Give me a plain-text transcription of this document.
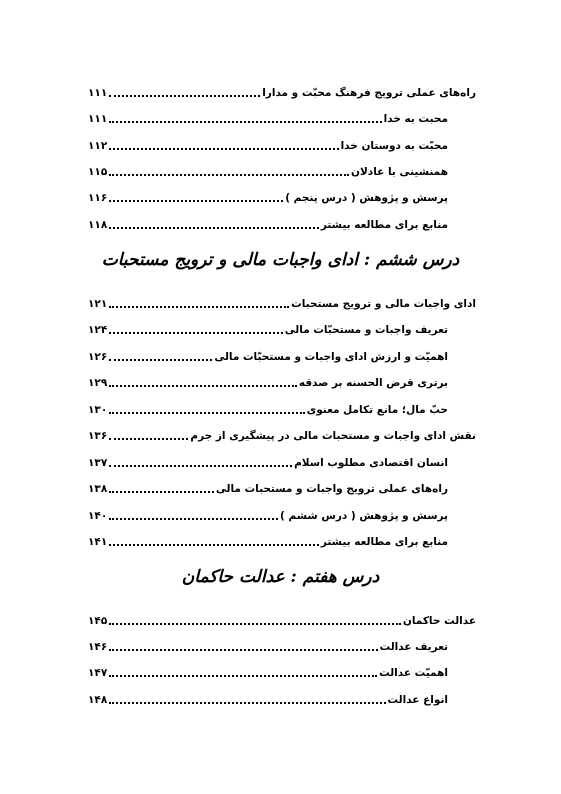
راه‌های عملی ترویج فرهنگ محبّت و مدارا
۱۱۱
محبت به خدا
۱۱۱
محبّت به دوستان خدا
۱۱۲
همنشینی با عادلان
۱۱۵
پرسش و پژوهش ( درس پنجم )
۱۱۶
منابع برای مطالعه بیشتر
۱۱۸
درس ششم : ادای واجبات مالی و ترویج مستحبات
ادای واجبات مالی و ترویج مستحبات
۱۲۱
تعریف واجبات و مستحبّات مالی
۱۲۴
اهمیّت و ارزش ادای واجبات و مستحبّات مالی
۱۲۶
برتری قرض الحسنه بر صدقه
۱۲۹
حبّ مال؛ مانع تکامل معنوی
۱۳۰
نقش ادای واجبات و مستحبات مالی در پیشگیری از جرم
۱۳۶
انسان اقتصادی مطلوب اسلام
۱۳۷
راه‌های عملی ترویج واجبات و مستحبات مالی
۱۳۸
پرسش و پژوهش ( درس ششم )
۱۴۰
منابع برای مطالعه بیشتر
۱۴۱
درس هفتم : عدالت حاکمان
عدالت حاکمان
۱۴۵
تعریف عدالت
۱۴۶
اهمیّت عدالت
۱۴۷
انواع عدالت
۱۴۸
